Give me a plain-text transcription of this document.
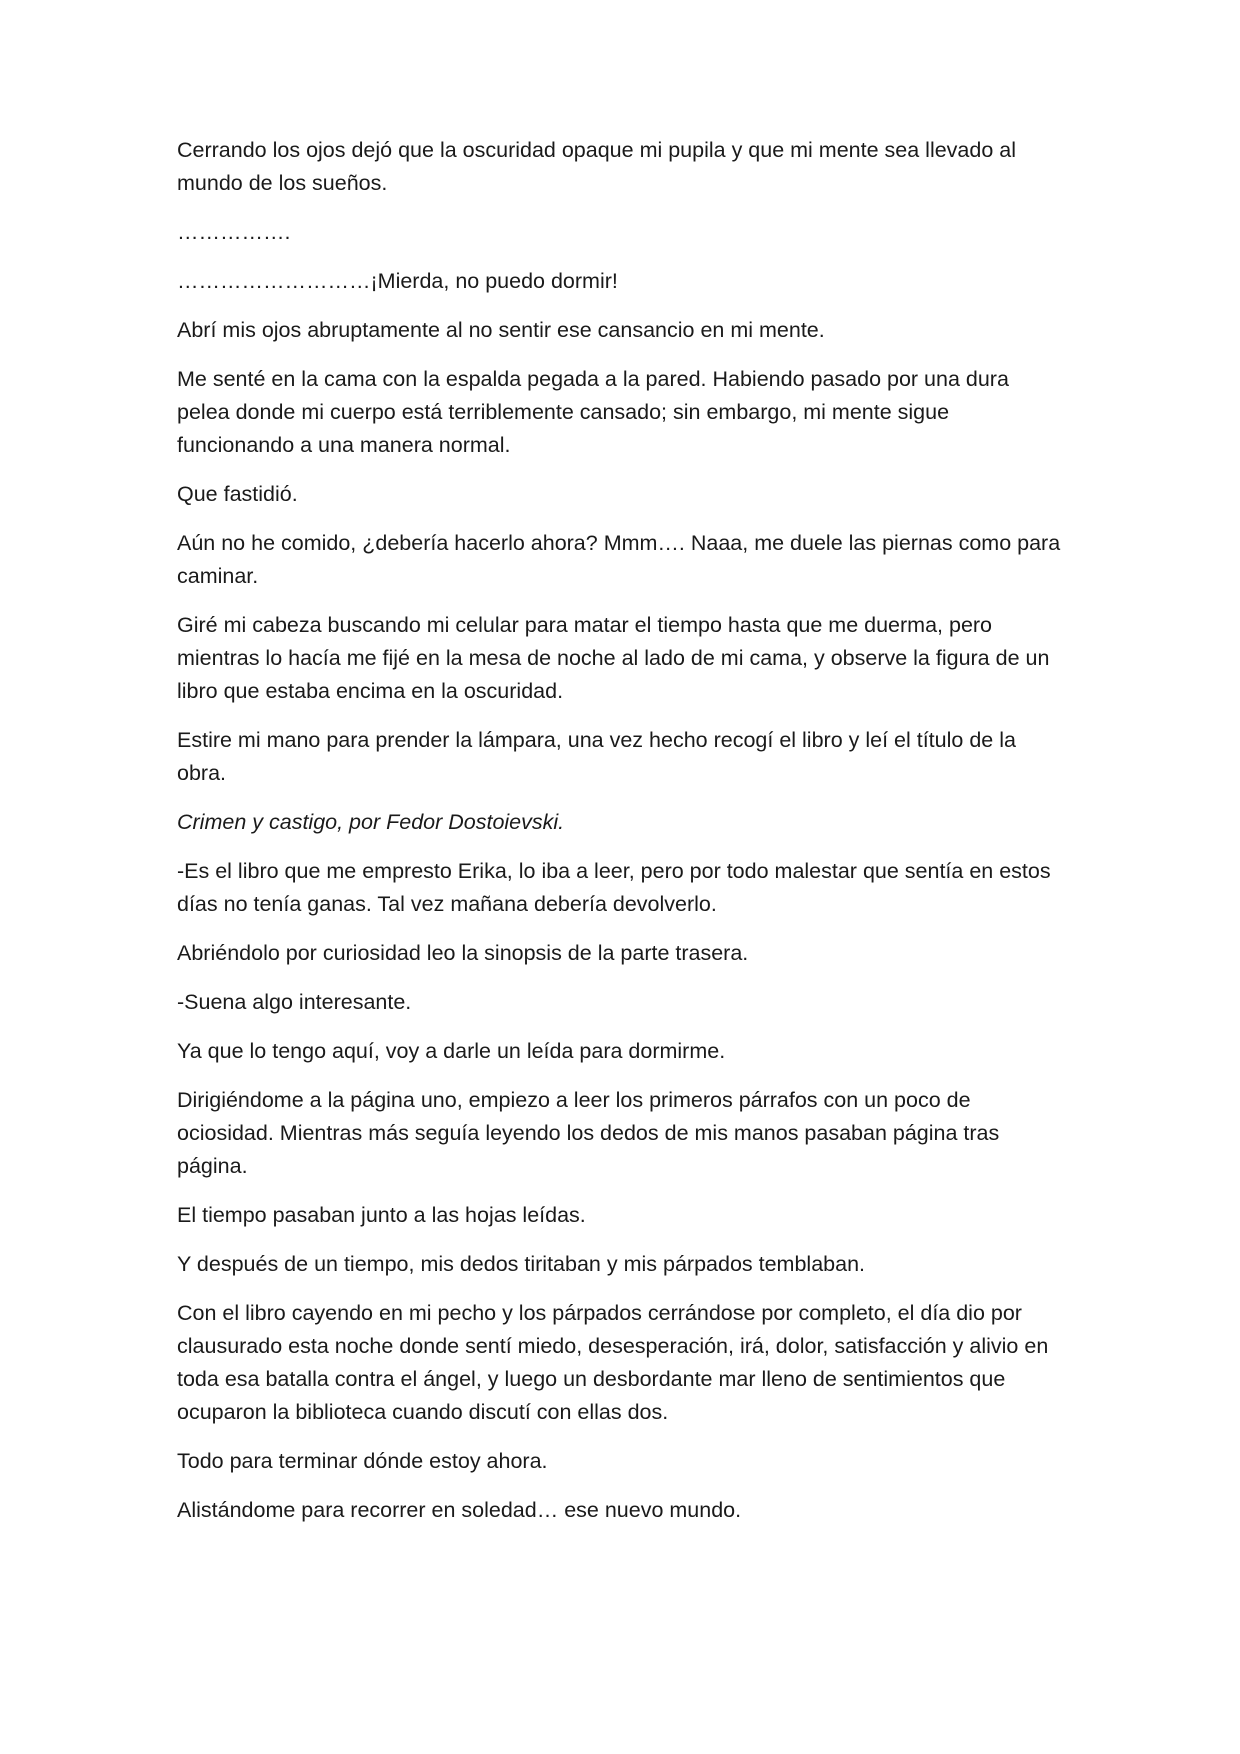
Cerrando los ojos dejó que la oscuridad opaque mi pupila y que mi mente sea llevado al mundo de los sueños.

…………….

………………………¡Mierda, no puedo dormir!

Abrí mis ojos abruptamente al no sentir ese cansancio en mi mente.

Me senté en la cama con la espalda pegada a la pared. Habiendo pasado por una dura pelea donde mi cuerpo está terriblemente cansado; sin embargo, mi mente sigue funcionando a una manera normal.

Que fastidió.

Aún no he comido, ¿debería hacerlo ahora? Mmm…. Naaa, me duele las piernas como para caminar.

Giré mi cabeza buscando mi celular para matar el tiempo hasta que me duerma, pero mientras lo hacía me fijé en la mesa de noche al lado de mi cama, y observe la figura de un libro que estaba encima en la oscuridad.

Estire mi mano para prender la lámpara, una vez hecho recogí el libro y leí el título de la obra.

Crimen y castigo, por Fedor Dostoievski.

-Es el libro que me empresto Erika, lo iba a leer, pero por todo malestar que sentía en estos días no tenía ganas. Tal vez mañana debería devolverlo.

Abriéndolo por curiosidad leo la sinopsis de la parte trasera.

-Suena algo interesante.

Ya que lo tengo aquí, voy a darle un leída para dormirme.

Dirigiéndome a la página uno, empiezo a leer los primeros párrafos con un poco de ociosidad. Mientras más seguía leyendo los dedos de mis manos pasaban página tras página.

El tiempo pasaban junto a las hojas leídas.

Y después de un tiempo, mis dedos tiritaban y mis párpados temblaban.

Con el libro cayendo en mi pecho y los párpados cerrándose por completo, el día dio por clausurado esta noche donde sentí miedo, desesperación, irá, dolor, satisfacción y alivio en toda esa batalla contra el ángel, y luego un desbordante mar lleno de sentimientos que ocuparon la biblioteca cuando discutí con ellas dos.

Todo para terminar dónde estoy ahora.

Alistándome para recorrer en soledad… ese nuevo mundo.
